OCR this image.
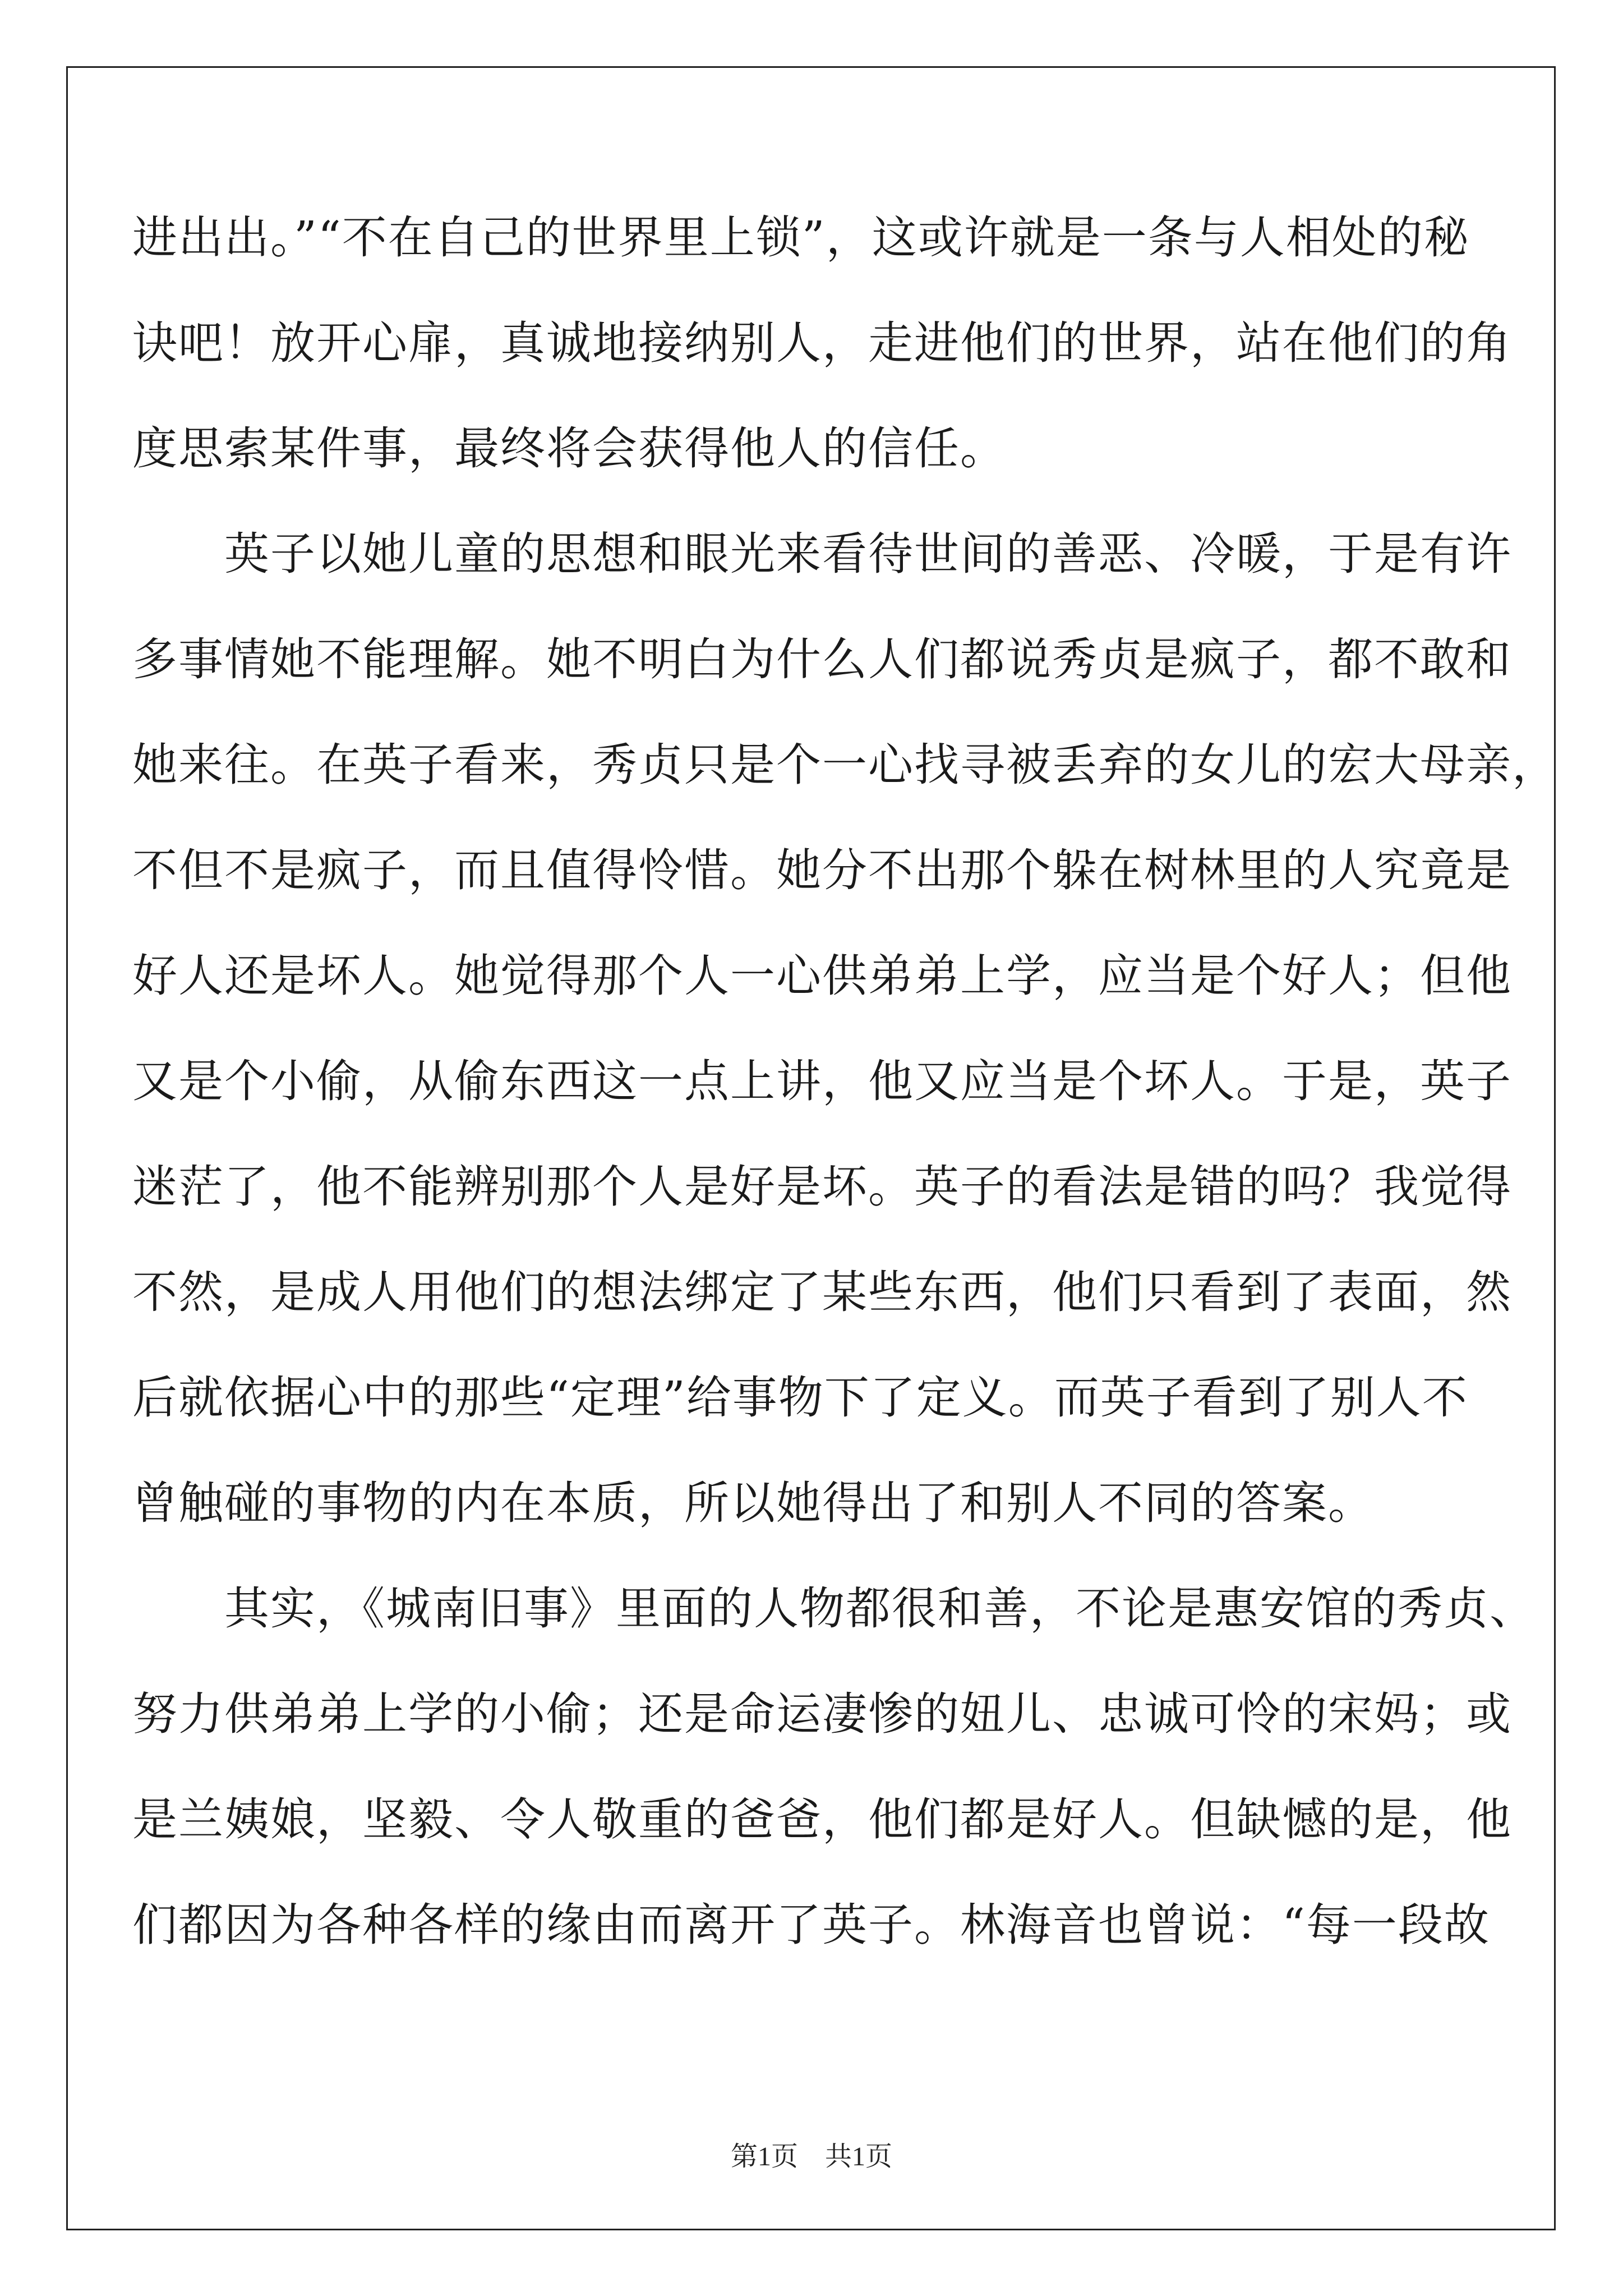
进出出。”“不在自己的世界里上锁”，这或许就是一条与人相处的秘
诀吧！放开心扉，真诚地接纳别人，走进他们的世界，站在他们的角
度思索某件事，最终将会获得他人的信任。
　　英子以她儿童的思想和眼光来看待世间的善恶、冷暖，于是有许
多事情她不能理解。她不明白为什么人们都说秀贞是疯子，都不敢和
她来往。在英子看来，秀贞只是个一心找寻被丢弃的女儿的宏大母亲，
不但不是疯子，而且值得怜惜。她分不出那个躲在树林里的人究竟是
好人还是坏人。她觉得那个人一心供弟弟上学，应当是个好人；但他
又是个小偷，从偷东西这一点上讲，他又应当是个坏人。于是，英子
迷茫了，他不能辨别那个人是好是坏。英子的看法是错的吗？我觉得
不然，是成人用他们的想法绑定了某些东西，他们只看到了表面，然
后就依据心中的那些“定理”给事物下了定义。而英子看到了别人不
曾触碰的事物的内在本质，所以她得出了和别人不同的答案。
　　其实，《城南旧事》里面的人物都很和善，不论是惠安馆的秀贞、
努力供弟弟上学的小偷；还是命运凄惨的妞儿、忠诚可怜的宋妈；或
是兰姨娘，坚毅、令人敬重的爸爸，他们都是好人。但缺憾的是，他
们都因为各种各样的缘由而离开了英子。林海音也曾说：“每一段故
第1页 共1页
